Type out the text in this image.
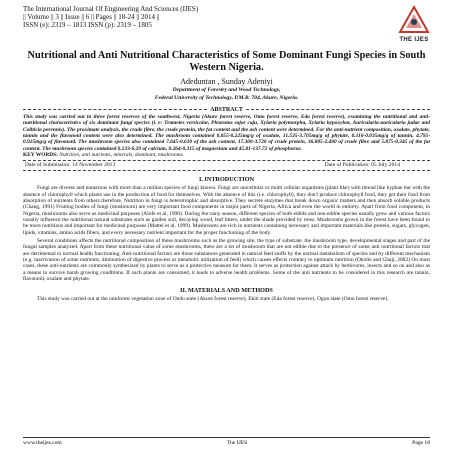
The International Journal Of Engineering And Sciences (IJES)
|| Volume || 3 || Issue || 6 || Pages || 18-24 || 2014 ||
ISSN (e): 2319 – 1813 ISSN (p): 2319 – 1805
THE IJES
Nutritional and Anti Nutritional Characteristics of Some Dominant Fungi Species in South Western Nigeria.
Adeduntan , Sunday Adeniyi
Department of Forestry and Wood Technology,
Federal University of Technology, P.M.B. 704, Akure, Nigeria.
ABSTRACT
This study was carried out in three forest reserves of the southwest, Nigeria (Akure forest reserve, Omo forest reserve, Eda forest reserve), examining the nutritional and anti-nutritional characteristics of six dominant fungi species (i. e: Trametes versicolar, Pleurotus sajor caju, Xylaria polymorpha, Xylaria hypoxylon, Auricularia-auricularia judae and Collticia perennis). The proximate analysis, the crude fibre, the crude protein, the fat content and the ash content were determined. For the anti-nutrient composition, oxalate, phytate, tannin and the flavonoid content were also determined. The mushroom contained 0.855-0.225mg/g of oxalate, 11.535-3.705mg/g of phytate, 0.116-0.035mg/g of tannin, 4.795-0.925mg/g of flavonoid. The mushroom species also contained 7.645-0.610 of the ash content, 17.300-3.720 of crude protein, 36.805-2.490 of crude fibre and 5.875-0.345 of the fat content. The mushroom species contained 0.233-0.29 of calcium, 0.264-0.315 of magnesium and 45.81-137.72 of phosphorus.
KEY WORDS: Nutrition, anti nutrients, minerals, dominant, mushrooms.
Date of Submission: 14 November 2013	Date of Publication: 05 July 2014
I. INTRODUCTION

Fungi are diverse and numerous with more than a million species of fungi known. Fungi are unicellular or multi cellular organisms (plant like) with thread like hyphae but with the absence of chlorophyll which plants use in the production of food for themselves. With the absence of this (i.e. chlorophyll), they don't produce chlorophyll food, they get their food from absorption of nutrients from others therefore, Nutrition in fungi is heterotrophic and absorptive. They secrete enzymes that break down organic matters and then absorb soluble products (Chang, 1991) Fruiting bodies of fungi (mushroom) are very important food components in major parts of Nigeria, Africa and even the world in entirety. Apart from food component, in Nigeria, mushrooms also serve as medicinal purposes (Alofe et al, 1998). During the rainy season, different species of both edible and non edible species usually grow and various factors usually influence the nutritional natural substrates such as garden soil, decaying wood, leaf litters, under the shade provided by trees. Mushrooms grown in the forest have been found to be more nutritious and important for medicinal purposes (Mattei et al, 1999). Mushrooms are rich in nutrients containing necessary and important materials like protein, sugars, glycogen, lipids, vitamins, amino acids fibers, and every necessary nutrient important for the proper functioning of the body.

Several conditions affects the nutritional composition of these mushrooms such as the growing site, the type of substrate, the mushroom type, developmental stages and part of the fungal samples analyzed. Apart from these nutritional value of some mushrooms, there are a lot of mushroom that are not edible due to the presence of some anti nutritional factors that are detrimental to normal health functioning. Anti-nutritional factors are those substances generated in natural feed stuffs by the normal metabolism of species and by different mechanism (e.g. inactivation of some nutrients, diminution of digestive process or metabolic utilization of feed) which causes effects contrary to optimum nutrition (Okolie and Gbaji, 2002) On most cases, these anti-nutrients are commonly synthesized by plants to serve as a protective measure for them. It serves as protection against attack by herbivores, insects and so on and also as a means to survive harsh growing conditions. If such plants are consumed, it leads to adverse health problems. Some of the anti nutrients to be considered in this research are tannin, flavonoid, oxalate and phytate.

II. MATERIALS AND METHODS

This study was carried out at the rainforest vegetation zone of Ondo state (Akure forest reserve), Ekiti state (Eda forest reserve), Ogun state (Omo forest reserve).

www.theijes.com	The IJES	Page 18
